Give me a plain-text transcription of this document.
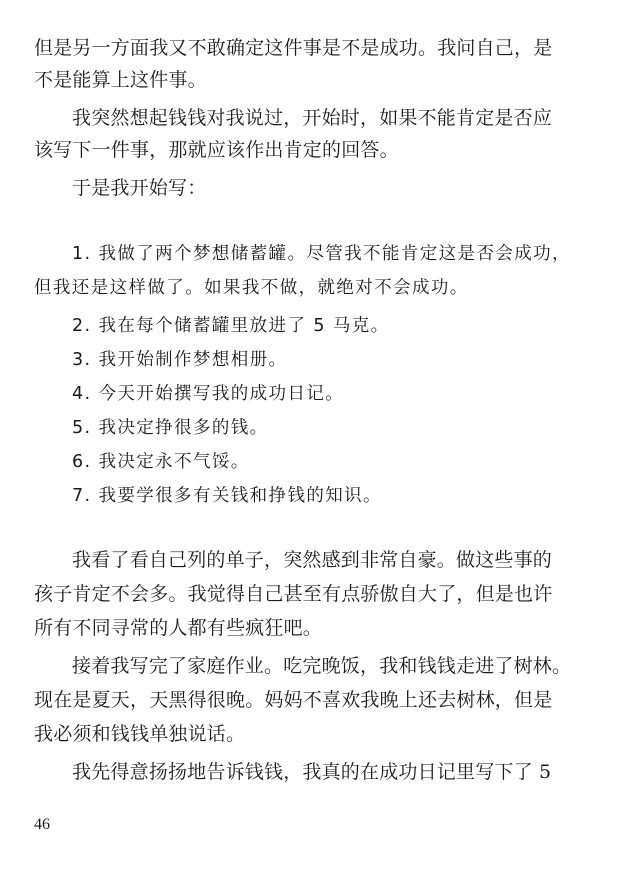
但是另一方面我又不敢确定这件事是不是成功。我问自己，是
不是能算上这件事。
我突然想起钱钱对我说过，开始时，如果不能肯定是否应
该写下一件事，那就应该作出肯定的回答。
于是我开始写：
1. 我做了两个梦想储蓄罐。尽管我不能肯定这是否会成功，
但我还是这样做了。如果我不做，就绝对不会成功。
2. 我在每个储蓄罐里放进了 5 马克。
3. 我开始制作梦想相册。
4. 今天开始撰写我的成功日记。
5. 我决定挣很多的钱。
6. 我决定永不气馁。
7. 我要学很多有关钱和挣钱的知识。
我看了看自己列的单子，突然感到非常自豪。做这些事的
孩子肯定不会多。我觉得自己甚至有点骄傲自大了，但是也许
所有不同寻常的人都有些疯狂吧。
接着我写完了家庭作业。吃完晚饭，我和钱钱走进了树林。
现在是夏天，天黑得很晚。妈妈不喜欢我晚上还去树林，但是
我必须和钱钱单独说话。
我先得意扬扬地告诉钱钱，我真的在成功日记里写下了 5
46
